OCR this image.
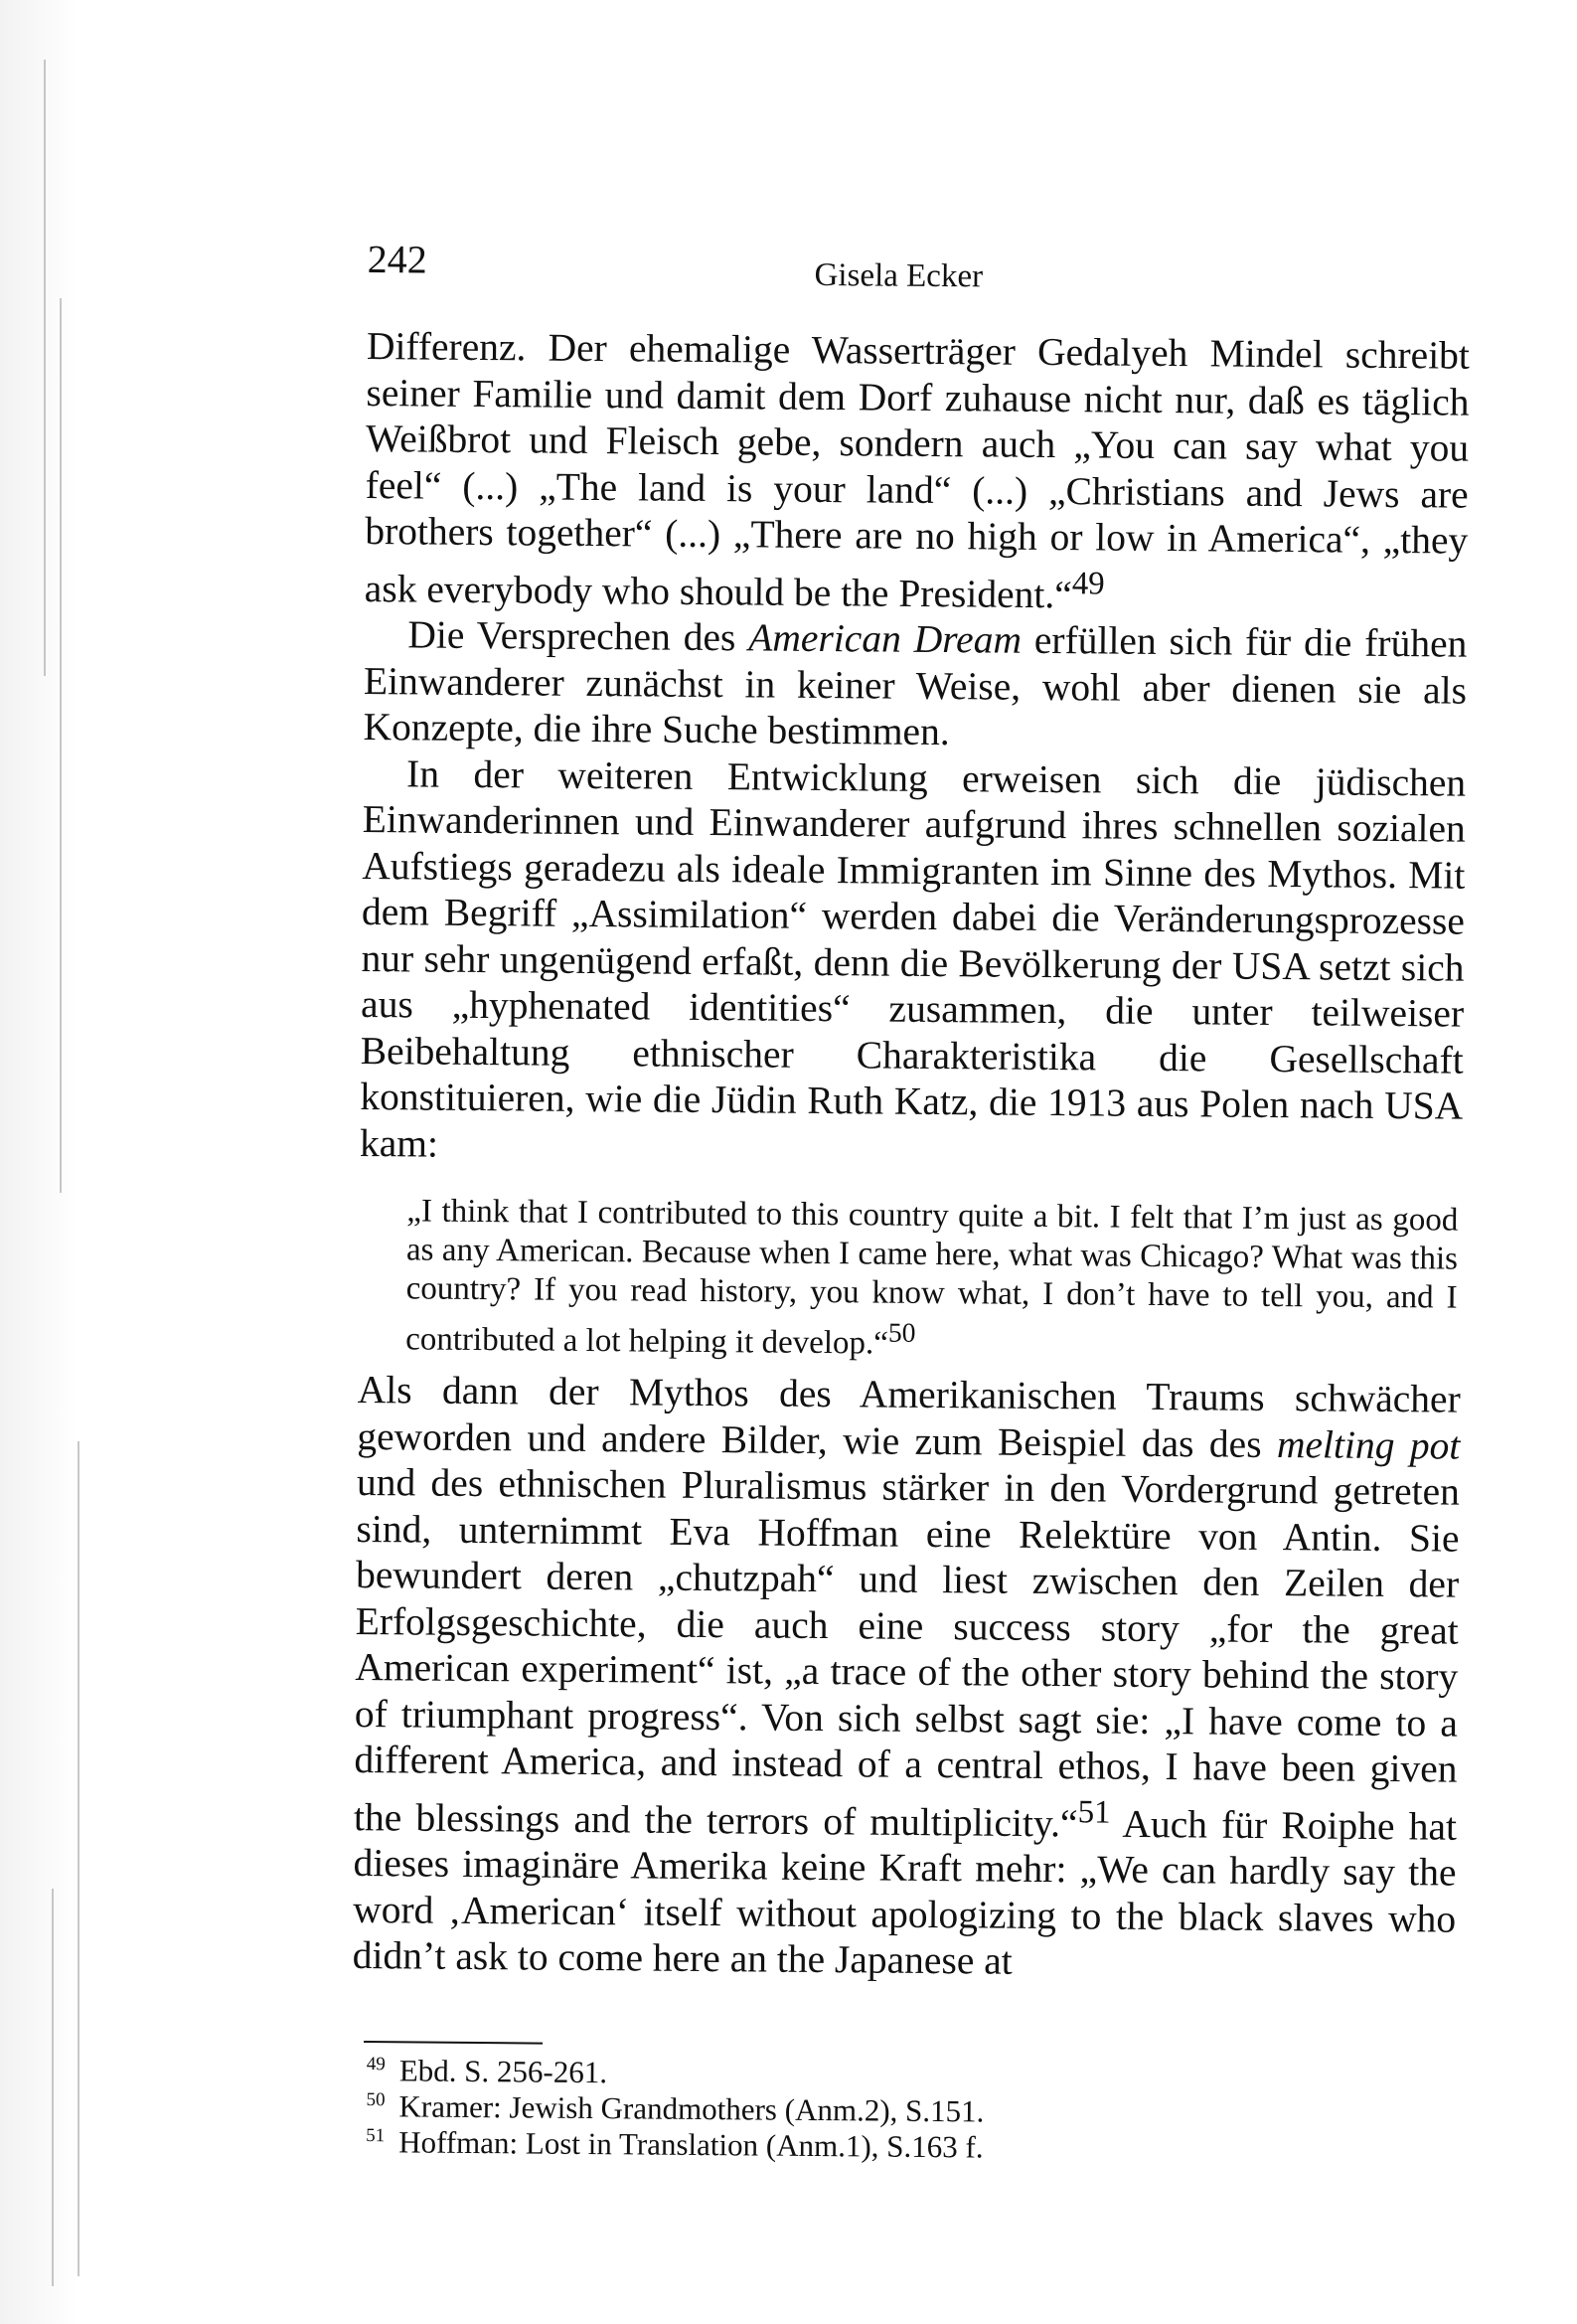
242	Gisela Ecker

Differenz. Der ehemalige Wasserträger Gedalyeh Mindel schreibt seiner Familie und damit dem Dorf zuhause nicht nur, daß es täglich Weißbrot und Fleisch gebe, sondern auch „You can say what you feel“ (...) „The land is your land“ (...) „Christians and Jews are brothers together“ (...) „There are no high or low in America“, „they ask everybody who should be the President.“$^{49}$

Die Versprechen des American Dream erfüllen sich für die frühen Einwanderer zunächst in keiner Weise, wohl aber dienen sie als Konzepte, die ihre Suche bestimmen.

In der weiteren Entwicklung erweisen sich die jüdischen Einwanderinnen und Einwanderer aufgrund ihres schnellen sozialen Aufstiegs geradezu als ideale Immigranten im Sinne des Mythos. Mit dem Begriff „Assimilation“ werden dabei die Veränderungsprozesse nur sehr ungenügend erfaßt, denn die Bevölkerung der USA setzt sich aus „hyphenated identities“ zusammen, die unter teilweiser Beibehaltung ethnischer Charakteristika die Gesellschaft konstituieren, wie die Jüdin Ruth Katz, die 1913 aus Polen nach USA kam:

„I think that I contributed to this country quite a bit. I felt that I’m just as good as any American. Because when I came here, what was Chicago? What was this country? If you read history, you know what, I don’t have to tell you, and I contributed a lot helping it develop.“$^{50}$

Als dann der Mythos des Amerikanischen Traums schwächer geworden und andere Bilder, wie zum Beispiel das des melting pot und des ethnischen Pluralismus stärker in den Vordergrund getreten sind, unternimmt Eva Hoffman eine Relektüre von Antin. Sie bewundert deren „chutzpah“ und liest zwischen den Zeilen der Erfolgsgeschichte, die auch eine success story „for the great American experiment“ ist, „a trace of the other story behind the story of triumphant progress“. Von sich selbst sagt sie: „I have come to a different America, and instead of a central ethos, I have been given the blessings and the terrors of multiplicity.“$^{51}$ Auch für Roiphe hat dieses imaginäre Amerika keine Kraft mehr: „We can hardly say the word ‚American‘ itself without apologizing to the black slaves who didn’t ask to come here an the Japanese at

49 Ebd. S. 256-261.
50 Kramer: Jewish Grandmothers (Anm.2), S.151.
51 Hoffman: Lost in Translation (Anm.1), S.163 f.
